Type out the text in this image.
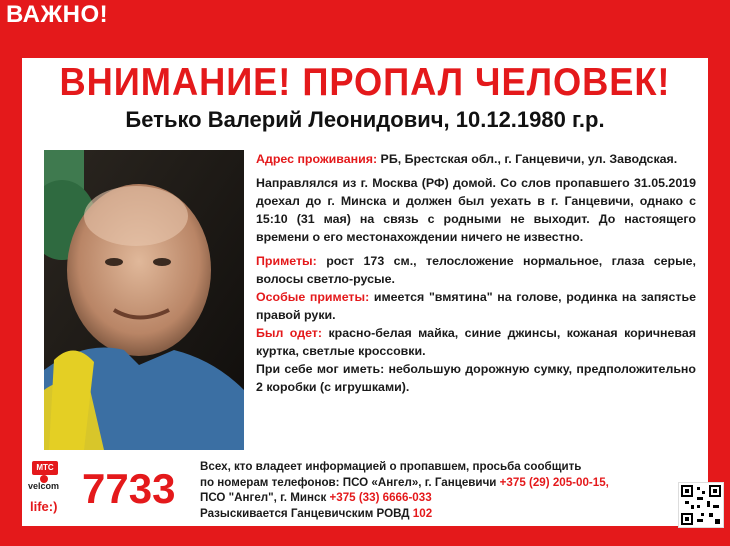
ВАЖНО!
ВНИМАНИЕ! ПРОПАЛ ЧЕЛОВЕК!
Бетько Валерий Леонидович, 10.12.1980 г.р.

Адрес проживания: РБ, Брестская обл., г. Ганцевичи, ул. Заводская.

Направлялся из г. Москва (РФ) домой. Со слов пропавшего 31.05.2019 доехал до г. Минска и должен был уехать в г. Ганцевичи, однако с 15:10 (31 мая) на связь с родными не выходит. До настоящего времени о его местонахождении ничего не известно.

Приметы: рост 173 см., телосложение нормальное, глаза серые, волосы светло-русые.

Особые приметы: имеется "вмятина" на голове, родинка на запястье правой руки.

Был одет: красно-белая майка, синие джинсы, кожаная коричневая куртка, светлые кроссовки.

При себе мог иметь: небольшую дорожную сумку, предположительно 2 коробки (с игрушками).

МТС
velcom
life:) 7733 Всех, кто владеет информацией о пропавшем, просьба сообщить
по номерам телефонов: ПСО «Ангел», г. Ганцевичи +375 (29) 205-00-15,
ПСО "Ангел", г. Минск +375 (33) 6666-033
Разыскивается Ганцевичским РОВД 102
